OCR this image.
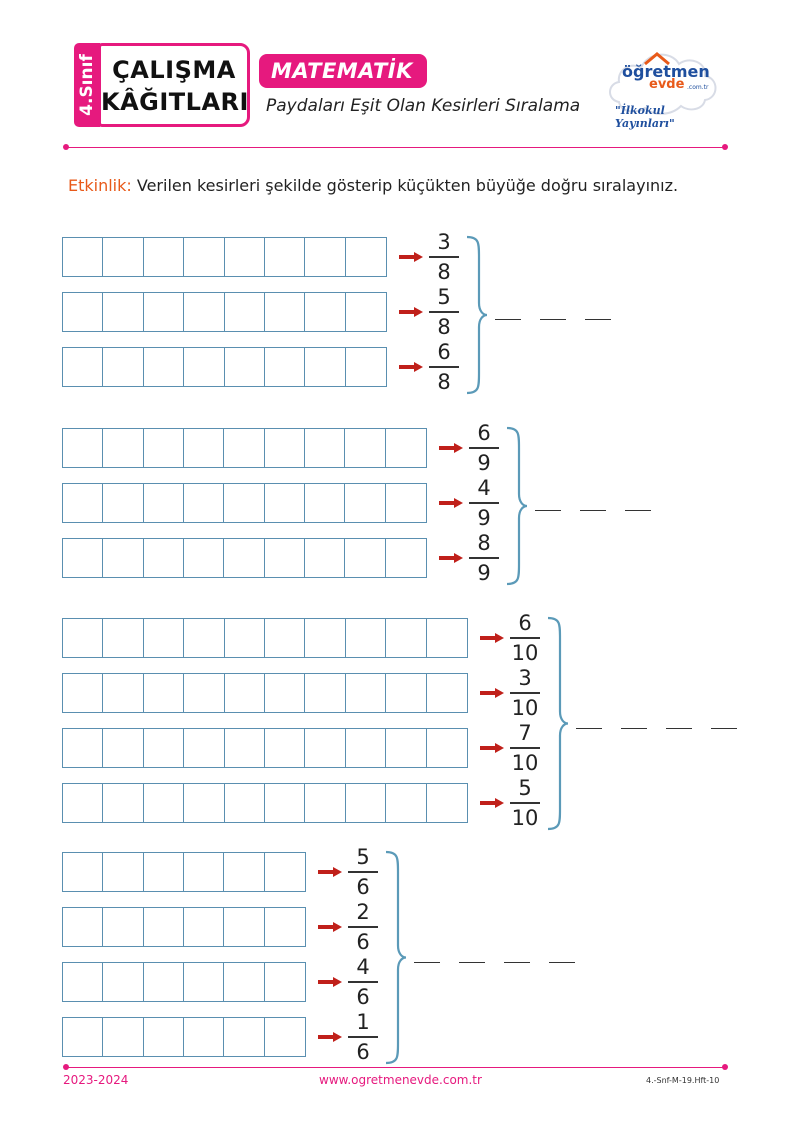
4.Sınıf ÇALIŞMA
KÂĞITLARI
MATEMATİK
Paydaları Eşit Olan Kesirleri Sıralama
öğretmen
evde .com.tr
"İlkokul Yayınları"
Etkinlik: Verilen kesirleri şekilde gösterip küçükten büyüğe doğru sıralayınız.
3
8
5
8
6
8
6
9
4
9
8
9
6
10
3
10
7
10
5
10
5
6
2
6
4
6
1
6
2023-2024	www.ogretmenevde.com.tr	4.-Snf-M-19.Hft-10
